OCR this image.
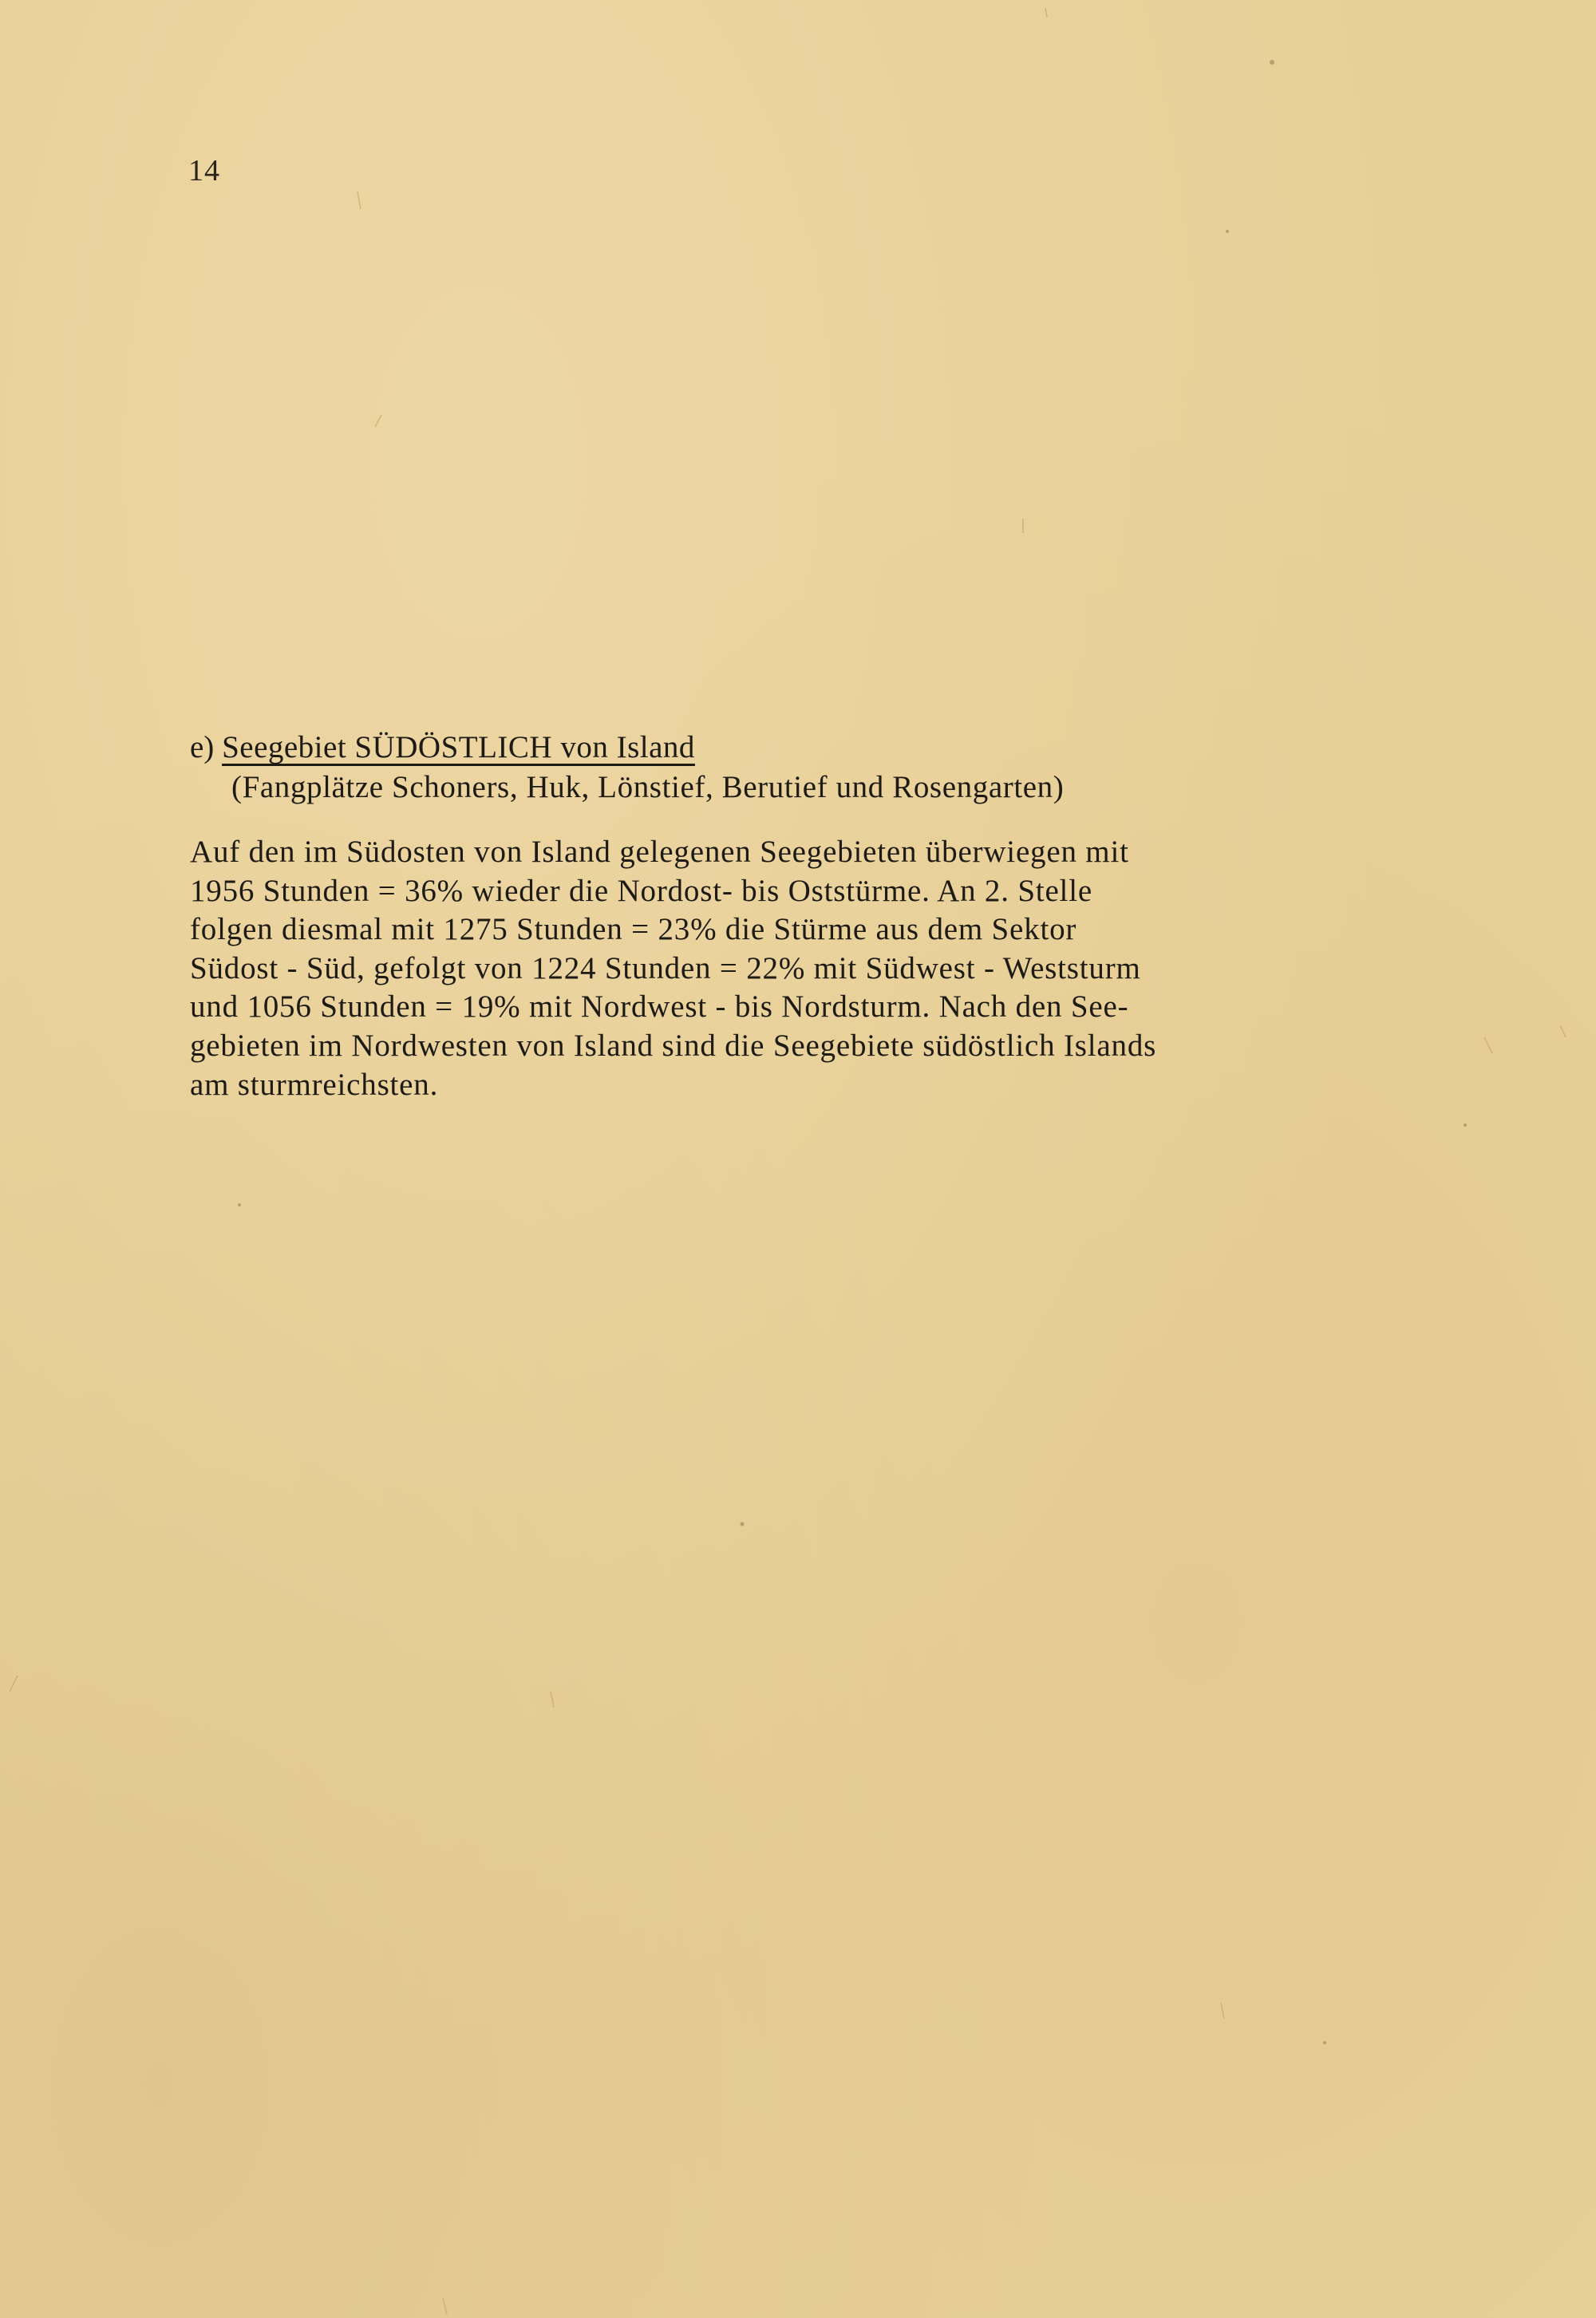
14
e) Seegebiet SÜDÖSTLICH von Island
(Fangplätze Schoners, Huk, Lönstief, Berutief und Rosengarten)
Auf den im Südosten von Island gelegenen Seegebieten überwiegen mit
1956 Stunden = 36% wieder die Nordost- bis Oststürme. An 2. Stelle
folgen diesmal mit 1275 Stunden = 23% die Stürme aus dem Sektor
Südost - Süd, gefolgt von 1224 Stunden = 22% mit Südwest - Weststurm
und 1056 Stunden = 19% mit Nordwest - bis Nordsturm. Nach den See-
gebieten im Nordwesten von Island sind die Seegebiete südöstlich Islands
am sturmreichsten.
